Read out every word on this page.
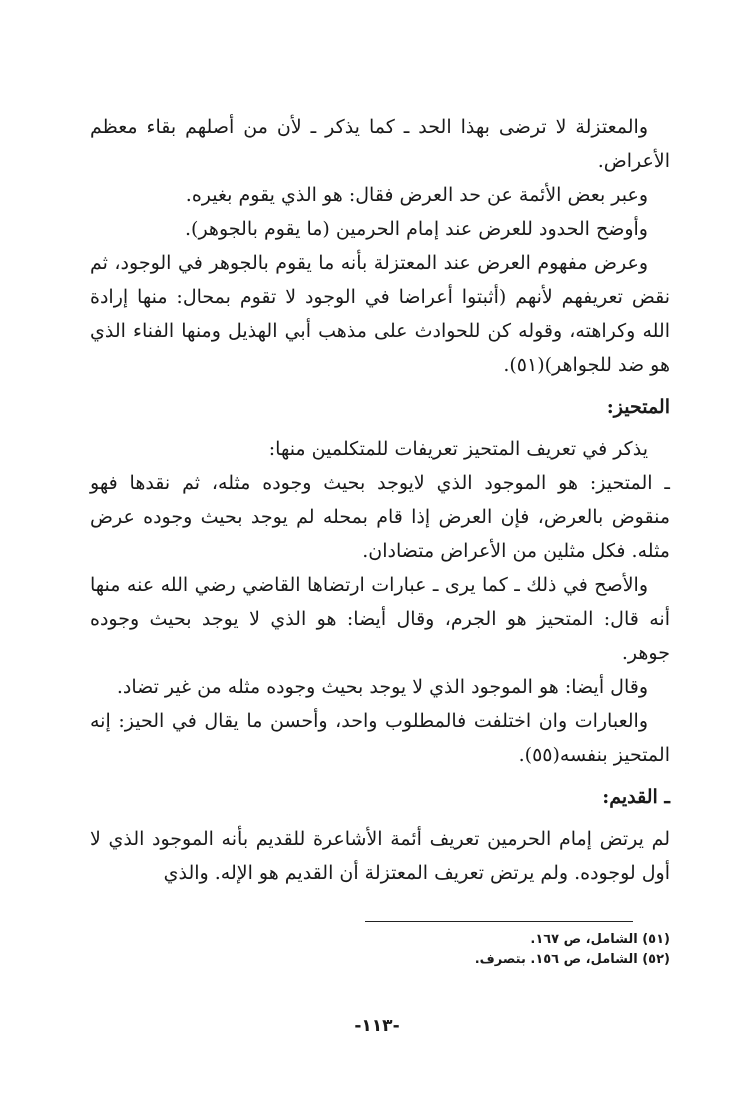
والمعتزلة لا ترضى بهذا الحد ـ كما يذكر ـ لأن من أصلهم بقاء معظم الأعراض.

وعبر بعض الأئمة عن حد العرض فقال: هو الذي يقوم بغيره.

وأوضح الحدود للعرض عند إمام الحرمين (ما يقوم بالجوهر).

وعرض مفهوم العرض عند المعتزلة بأنه ما يقوم بالجوهر في الوجود، ثم نقض تعريفهم لأنهم (أثبتوا أعراضا في الوجود لا تقوم بمحال: منها إرادة الله وكراهته، وقوله كن للحوادث على مذهب أبي الهذيل ومنها الفناء الذي هو ضد للجواهر)(٥١).

المتحيز:

يذكر في تعريف المتحيز تعريفات للمتكلمين منها:

ـ المتحيز: هو الموجود الذي لايوجد بحيث وجوده مثله، ثم نقدها فهو منقوض بالعرض، فإن العرض إذا قام بمحله لم يوجد بحيث وجوده عرض مثله. فكل مثلين من الأعراض متضادان.

والأصح في ذلك ـ كما يرى ـ عبارات ارتضاها القاضي رضي الله عنه منها أنه قال: المتحيز هو الجرم، وقال أيضا: هو الذي لا يوجد بحيث وجوده جوهر.

وقال أيضا: هو الموجود الذي لا يوجد بحيث وجوده مثله من غير تضاد.

والعبارات وان اختلفت فالمطلوب واحد، وأحسن ما يقال في الحيز: إنه المتحيز بنفسه(٥٥).

ـ القديم:

لم يرتض إمام الحرمين تعريف أئمة الأشاعرة للقديم بأنه الموجود الذي لا أول لوجوده. ولم يرتض تعريف المعتزلة أن القديم هو الإله. والذي

(٥١) الشامل، ص ١٦٧.

(٥٢) الشامل، ص ١٥٦. بتصرف.

-١١٣-
